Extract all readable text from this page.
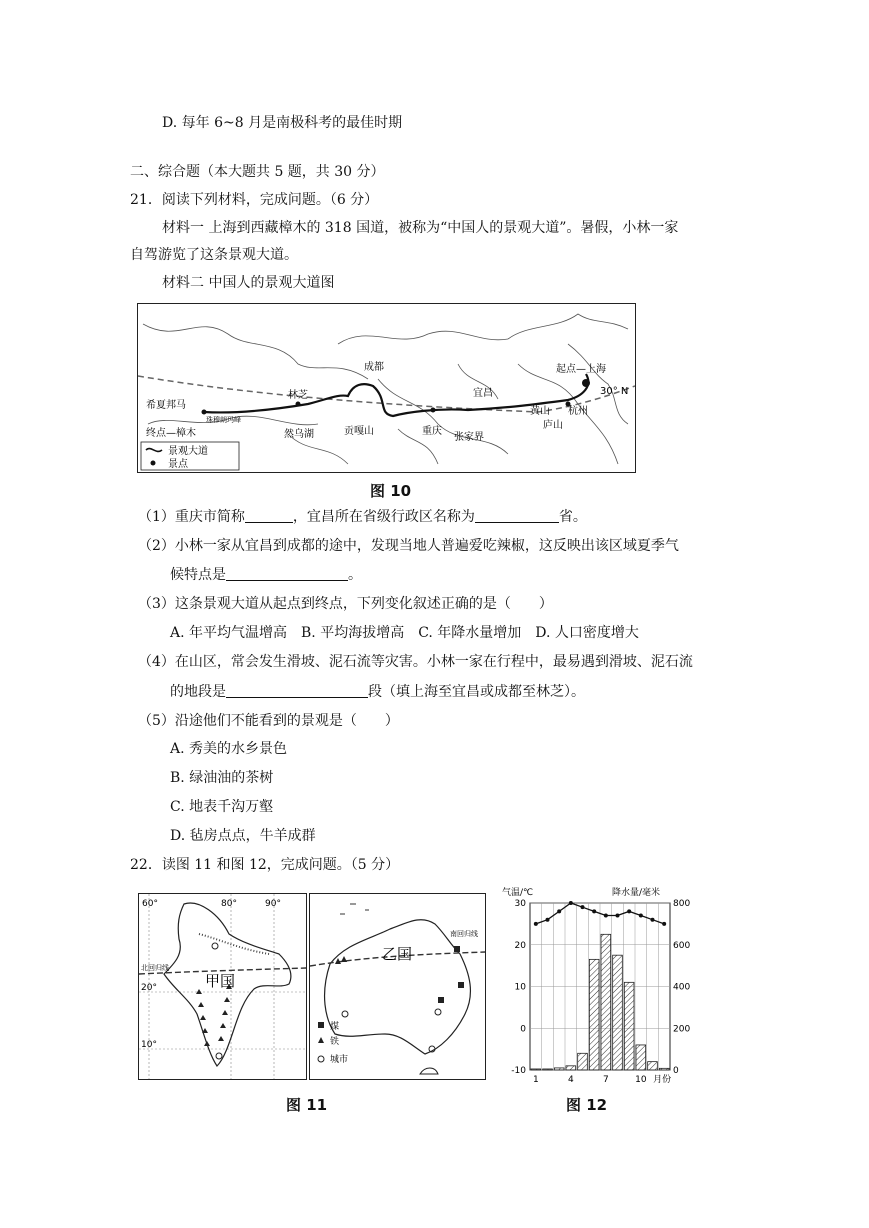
D. 每年 6~8 月是南极科考的最佳时期
二、综合题（本大题共 5 题，共 30 分）
21．阅读下列材料，完成问题。（6 分）
材料一 上海到西藏樟木的 318 国道，被称为“中国人的景观大道”。暑假，小林一家
自驾游览了这条景观大道。
材料二 中国人的景观大道图
景观大道
景点
起点—上海
30° N
希夏邦马
珠穆朗玛峰
终点—樟木
林芝
然乌湖
成都
贡嘎山	重庆
张家界
宜昌
庐山
黄山 杭州
图 10
（1）重庆市简称	，宜昌所在省级行政区名称为	省。
（2）小林一家从宜昌到成都的途中，发现当地人普遍爱吃辣椒，这反映出该区域夏季气
候特点是	。
（3）这条景观大道从起点到终点，下列变化叙述正确的是（　　）
A. 年平均气温增高　B. 平均海拔增高　C. 年降水量增加　D. 人口密度增大
（4）在山区，常会发生滑坡、泥石流等灾害。小林一家在行程中，最易遇到滑坡、泥石流
的地段是	段（填上海至宜昌或成都至林芝）。
（5）沿途他们不能看到的景观是（　　）
A. 秀美的水乡景色
B. 绿油油的茶树
C. 地表千沟万壑
D. 毡房点点，牛羊成群
22．读图 11 和图 12，完成问题。（5 分）
60°	80°	90°
20°
10°
北回归线
甲国
乙国
南回归线
煤
铁
城市
气温/℃	降水量/毫米
-10
0
10
20
30
0
200
400
600
800
1	4	7	10 月份
图 12
图 11
